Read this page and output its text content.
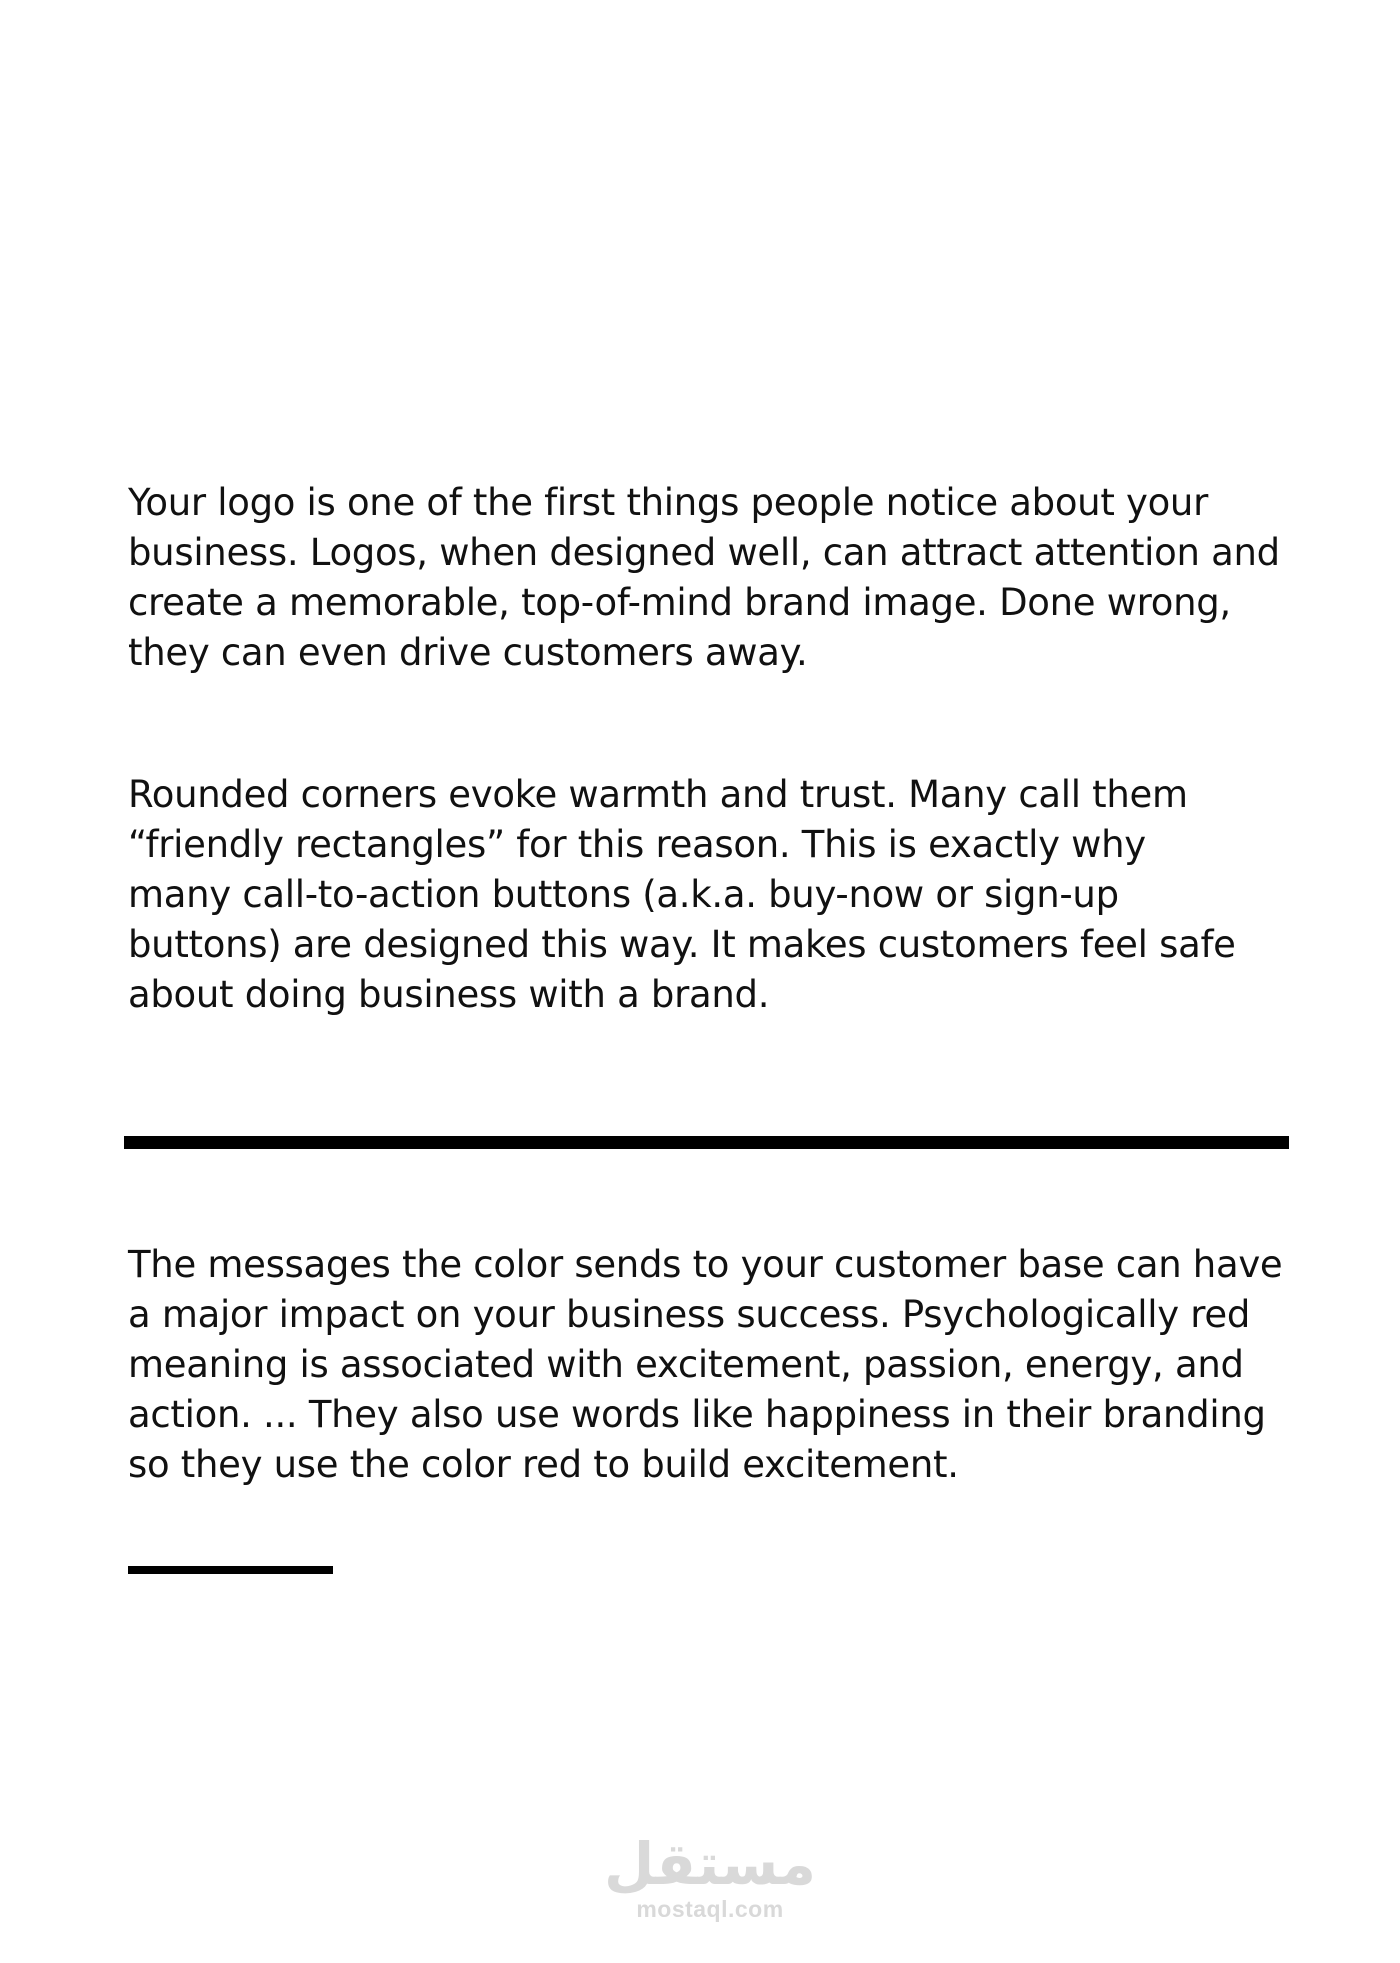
Your logo is one of the first things people notice about your
business. Logos, when designed well, can attract attention and
create a memorable, top-of-mind brand image. Done wrong,
they can even drive customers away.

Rounded corners evoke warmth and trust. Many call them
“friendly rectangles” for this reason. This is exactly why
many call-to-action buttons (a.k.a. buy-now or sign-up
buttons) are designed this way. It makes customers feel safe
about doing business with a brand.

The messages the color sends to your customer base can have
a major impact on your business success. Psychologically red
meaning is associated with excitement, passion, energy, and
action. ... They also use words like happiness in their branding
so they use the color red to build excitement.

مستقل
mostaql.com
